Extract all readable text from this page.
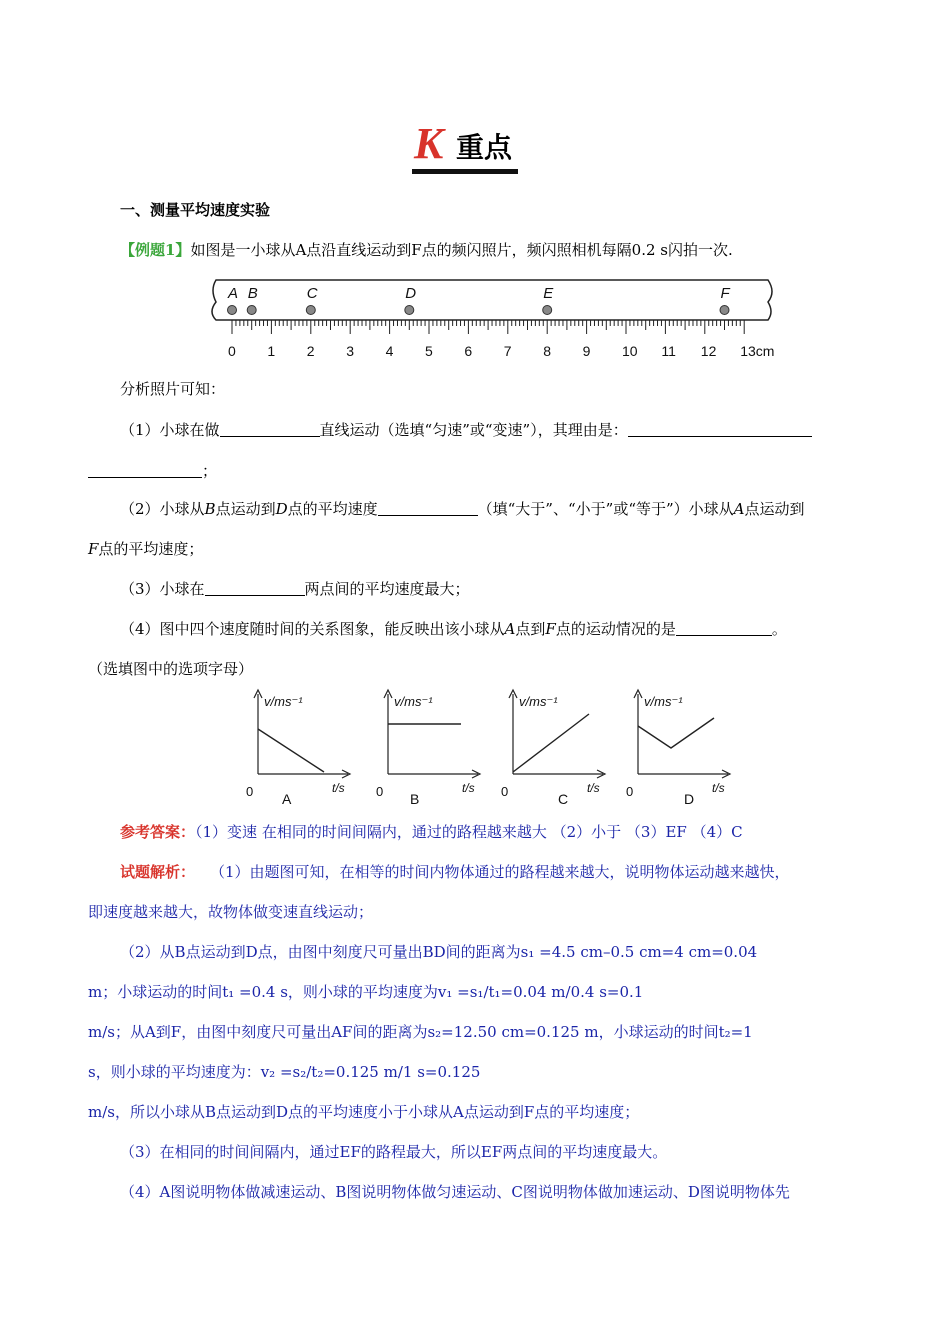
K 重点
一、测量平均速度实验
【例题1】如图是一小球从A点沿直线运动到F点的频闪照片，频闪照相机每隔0.2 s闪拍一次.
A B	C	D	E	F
0 1 2 3 4 5 6 7 8 9 10 11 12 13cm
分析照片可知：
（1）小球在做	直线运动（选填“匀速”或“变速”），其理由是：
；
（2）小球从B点运动到D点的平均速度	（填“大于”、“小于”或“等于”）小球从A点运动到
F点的平均速度；
（3）小球在	两点间的平均速度最大；
（4）图中四个速度随时间的关系图象，能反映出该小球从A点到F点的运动情况的是	。
（选填图中的选项字母）
v/ms⁻¹
t/s
0
v/ms⁻¹
t/s
0
v/ms⁻¹
t/s
0
v/ms⁻¹
t/s
0
A	B	C	D
参考答案：（1）变速 在相同的时间间隔内，通过的路程越来越大 （2）小于 （3）EF （4）C
试题解析： （1）由题图可知，在相等的时间内物体通过的路程越来越大，说明物体运动越来越快，
即速度越来越大，故物体做变速直线运动；
（2）从B点运动到D点，由图中刻度尺可量出BD间的距离为s₁ =4.5 cm–0.5 cm=4 cm=0.04
m；小球运动的时间t₁ =0.4 s，则小球的平均速度为v₁ =s₁/t₁=0.04 m/0.4 s=0.1
m/s；从A到F，由图中刻度尺可量出AF间的距离为s₂=12.50 cm=0.125 m，小球运动的时间t₂=1
s，则小球的平均速度为：v₂ =s₂/t₂=0.125 m/1 s=0.125
m/s，所以小球从B点运动到D点的平均速度小于小球从A点运动到F点的平均速度；
（3）在相同的时间间隔内，通过EF的路程最大，所以EF两点间的平均速度最大。
（4）A图说明物体做减速运动、B图说明物体做匀速运动、C图说明物体做加速运动、D图说明物体先
